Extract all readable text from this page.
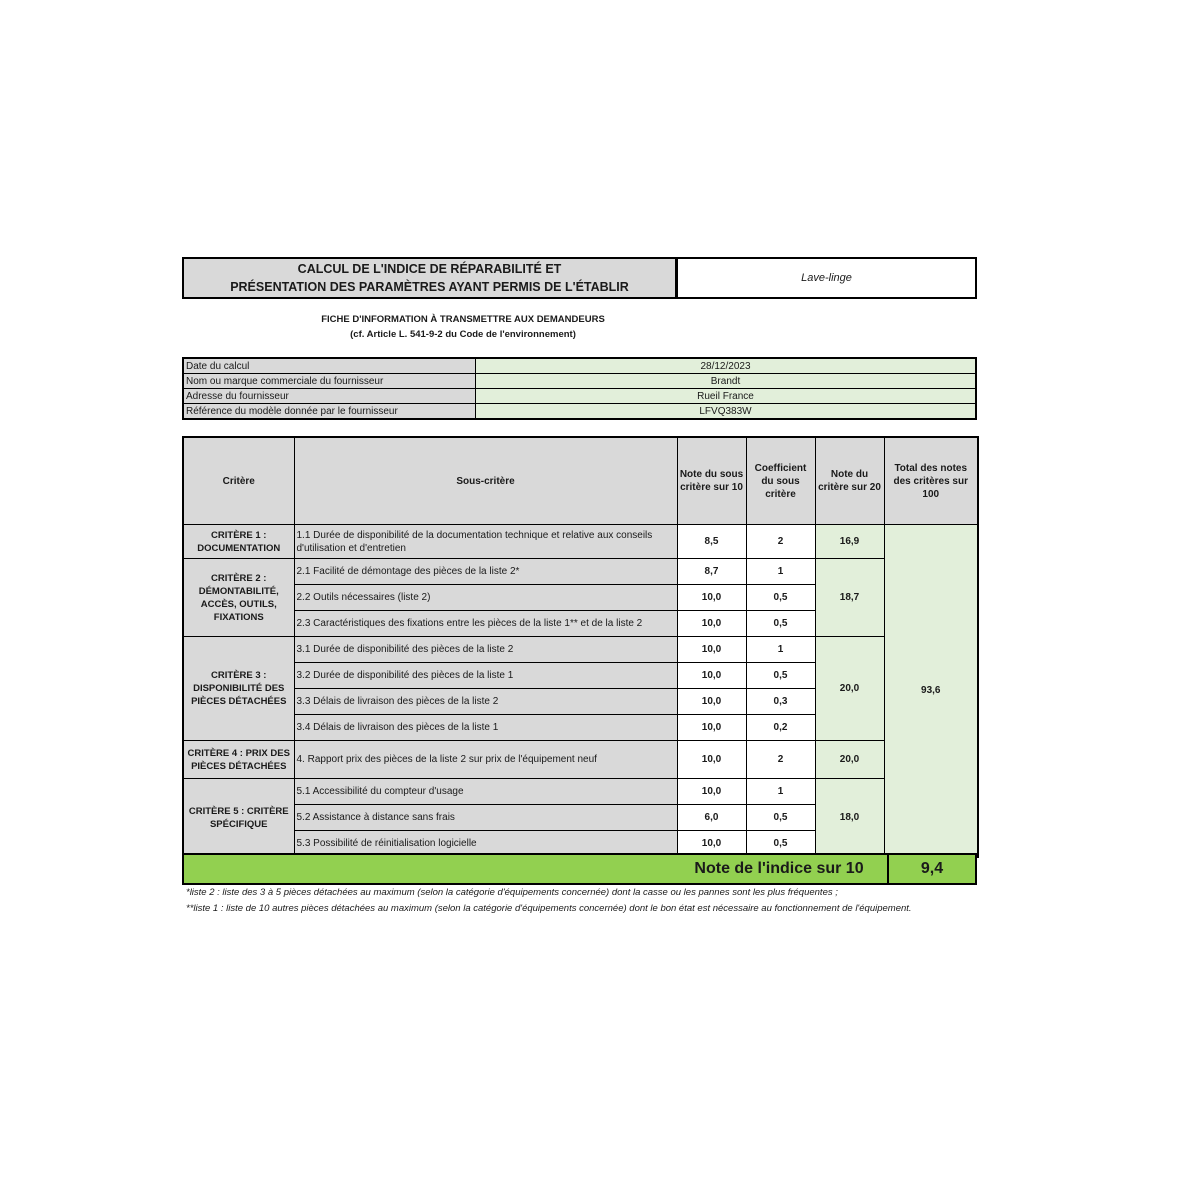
CALCUL DE L'INDICE DE RÉPARABILITÉ ET
PRÉSENTATION DES PARAMÈTRES AYANT PERMIS DE L'ÉTABLIR
Lave-linge
FICHE D'INFORMATION À TRANSMETTRE AUX DEMANDEURS
(cf. Article L. 541-9-2 du Code de l'environnement)
Date du calcul	28/12/2023
Nom ou marque commerciale du fournisseur	Brandt
Adresse du fournisseur	Rueil France
Référence du modèle donnée par le fournisseur	LFVQ383W
Critère	Sous-critère	Note du sous critère sur 10	Coefficient du sous critère	Note du critère sur 20	Total des notes des critères sur 100
CRITÈRE 1 : DOCUMENTATION	1.1 Durée de disponibilité de la documentation technique et relative aux conseils d'utilisation et d'entretien	8,5	2	16,9	93,6
CRITÈRE 2 : DÉMONTABILITÉ, ACCÈS, OUTILS, FIXATIONS	2.1 Facilité de démontage des pièces de la liste 2*	8,7	1	18,7	
	2.2 Outils nécessaires (liste 2)	10,0	0,5		
	2.3 Caractéristiques des fixations entre les pièces de la liste 1** et de la liste 2	10,0	0,5		
CRITÈRE 3 : DISPONIBILITÉ DES PIÈCES DÉTACHÉES	3.1 Durée de disponibilité des pièces de la liste 2	10,0	1	20,0	
	3.2 Durée de disponibilité des pièces de la liste 1	10,0	0,5		
	3.3 Délais de livraison des pièces de la liste 2	10,0	0,3		
	3.4 Délais de livraison des pièces de la liste 1	10,0	0,2		
CRITÈRE 4 : PRIX DES PIÈCES DÉTACHÉES	4. Rapport prix des pièces de la liste 2 sur prix de l'équipement neuf	10,0	2	20,0	
CRITÈRE 5 : CRITÈRE SPÉCIFIQUE	5.1 Accessibilité du compteur d'usage	10,0	1	18,0	
	5.2 Assistance à distance sans frais	6,0	0,5		
	5.3 Possibilité de réinitialisation logicielle	10,0	0,5		
Note de l'indice sur 10	9,4
*liste 2 : liste des 3 à 5 pièces détachées au maximum (selon la catégorie d'équipements concernée) dont la casse ou les pannes sont les plus fréquentes ;
**liste 1 : liste de 10 autres pièces détachées au maximum (selon la catégorie d'équipements concernée) dont le bon état est nécessaire au fonctionnement de l'équipement.
